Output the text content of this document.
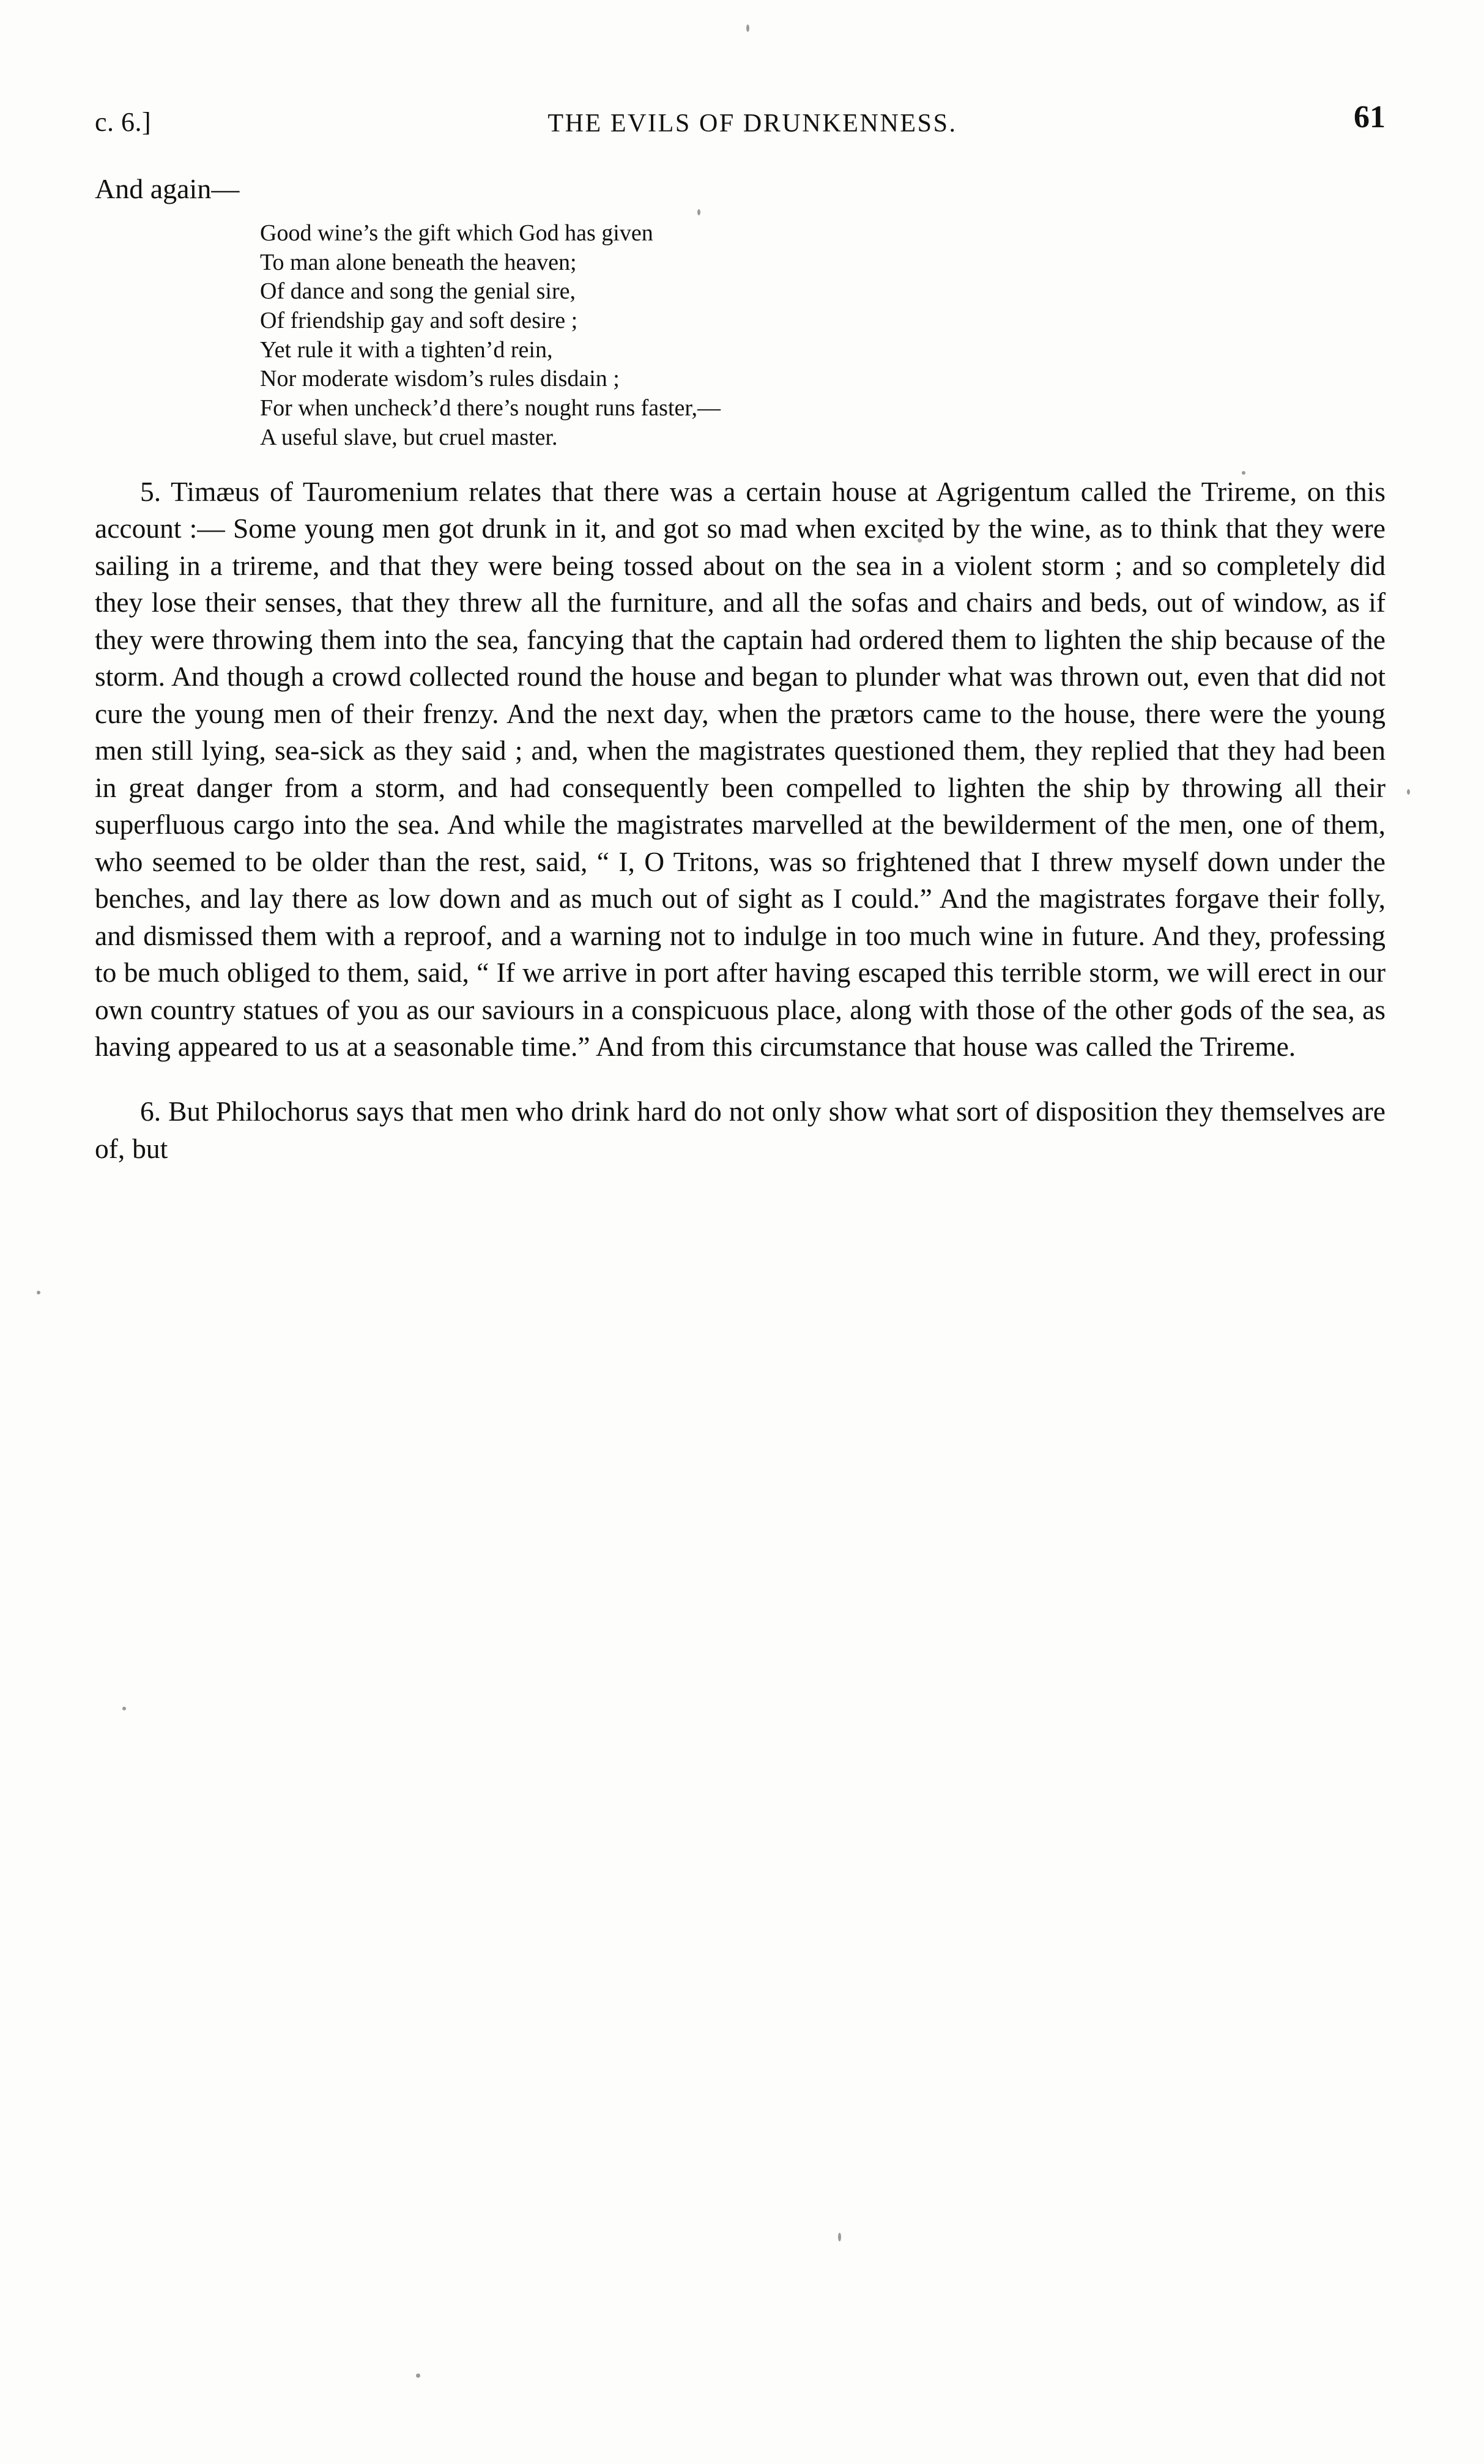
c. 6.]	THE EVILS OF DRUNKENNESS.	61
And again—
Good wine’s the gift which God has given
To man alone beneath the heaven;
Of dance and song the genial sire,
Of friendship gay and soft desire ;
Yet rule it with a tighten’d rein,
Nor moderate wisdom’s rules disdain ;
For when uncheck’d there’s nought runs faster,—
A useful slave, but cruel master.

5. Timæus of Tauromenium relates that there was a certain house at Agrigentum called the Trireme, on this account :— Some young men got drunk in it, and got so mad when excited by the wine, as to think that they were sailing in a trireme, and that they were being tossed about on the sea in a violent storm ; and so completely did they lose their senses, that they threw all the furniture, and all the sofas and chairs and beds, out of window, as if they were throwing them into the sea, fancying that the captain had ordered them to lighten the ship because of the storm. And though a crowd collected round the house and began to plunder what was thrown out, even that did not cure the young men of their frenzy. And the next day, when the prætors came to the house, there were the young men still lying, sea-sick as they said ; and, when the magistrates questioned them, they replied that they had been in great danger from a storm, and had consequently been compelled to lighten the ship by throwing all their superfluous cargo into the sea. And while the magistrates marvelled at the bewilderment of the men, one of them, who seemed to be older than the rest, said, “ I, O Tritons, was so frightened that I threw myself down under the benches, and lay there as low down and as much out of sight as I could.” And the magistrates forgave their folly, and dismissed them with a reproof, and a warning not to indulge in too much wine in future. And they, professing to be much obliged to them, said, “ If we arrive in port after having escaped this terrible storm, we will erect in our own country statues of you as our saviours in a conspicuous place, along with those of the other gods of the sea, as having appeared to us at a seasonable time.” And from this circumstance that house was called the Trireme.

6. But Philochorus says that men who drink hard do not only show what sort of disposition they themselves are of, but
